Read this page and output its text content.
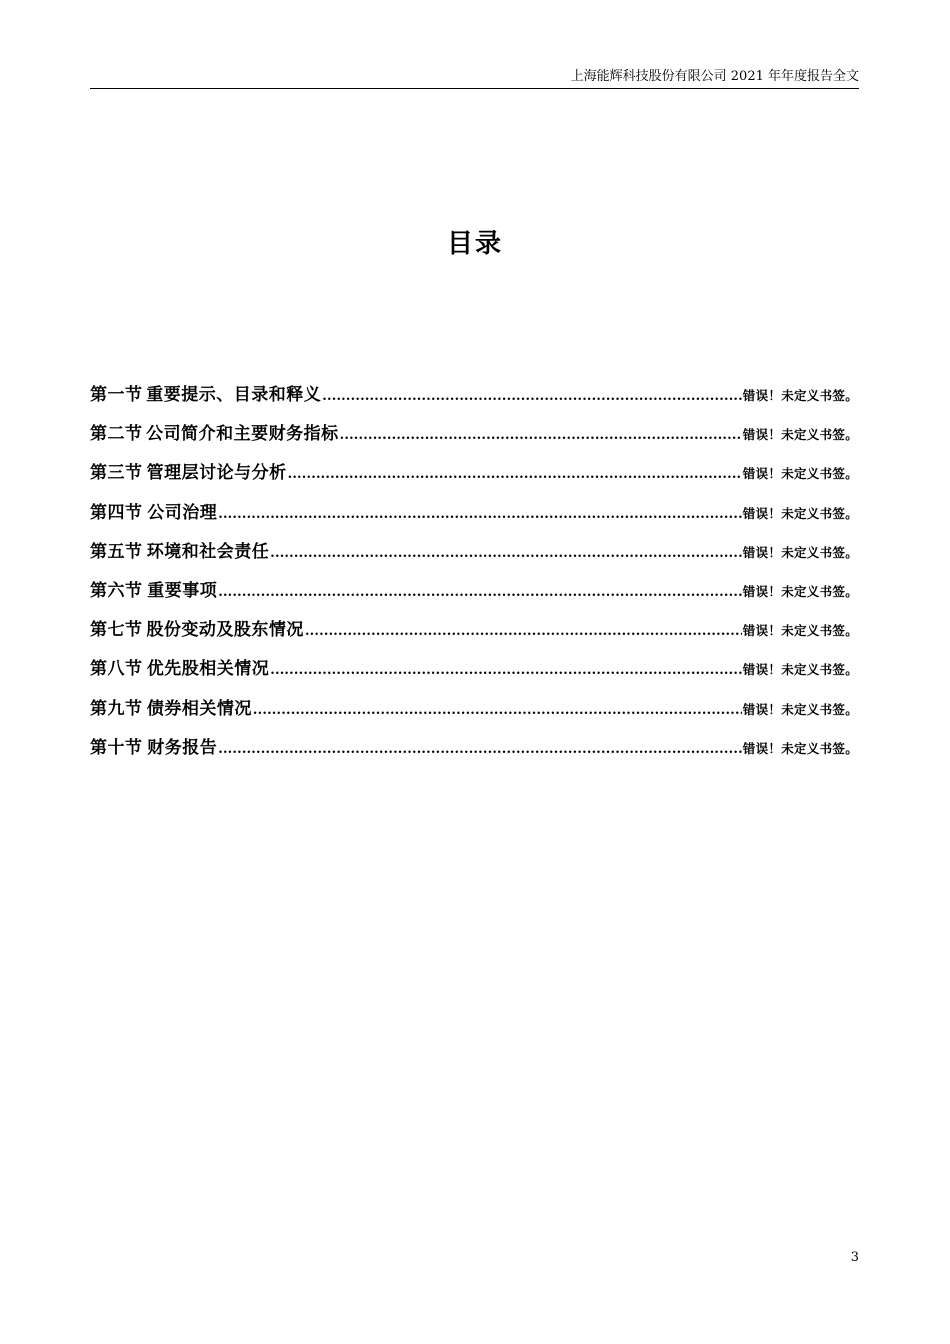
上海能辉科技股份有限公司 2021 年年度报告全文
目录
第一节 重要提示、目录和释义 .....	错误！未定义书签。
第二节 公司简介和主要财务指标 .....	错误！未定义书签。
第三节 管理层讨论与分析 .....	错误！未定义书签。
第四节 公司治理 .....	错误！未定义书签。
第五节 环境和社会责任 .....	错误！未定义书签。
第六节 重要事项 .....	错误！未定义书签。
第七节 股份变动及股东情况 .....	错误！未定义书签。
第八节 优先股相关情况 .....	错误！未定义书签。
第九节 债券相关情况 .....	错误！未定义书签。
第十节 财务报告 .....	错误！未定义书签。
3
